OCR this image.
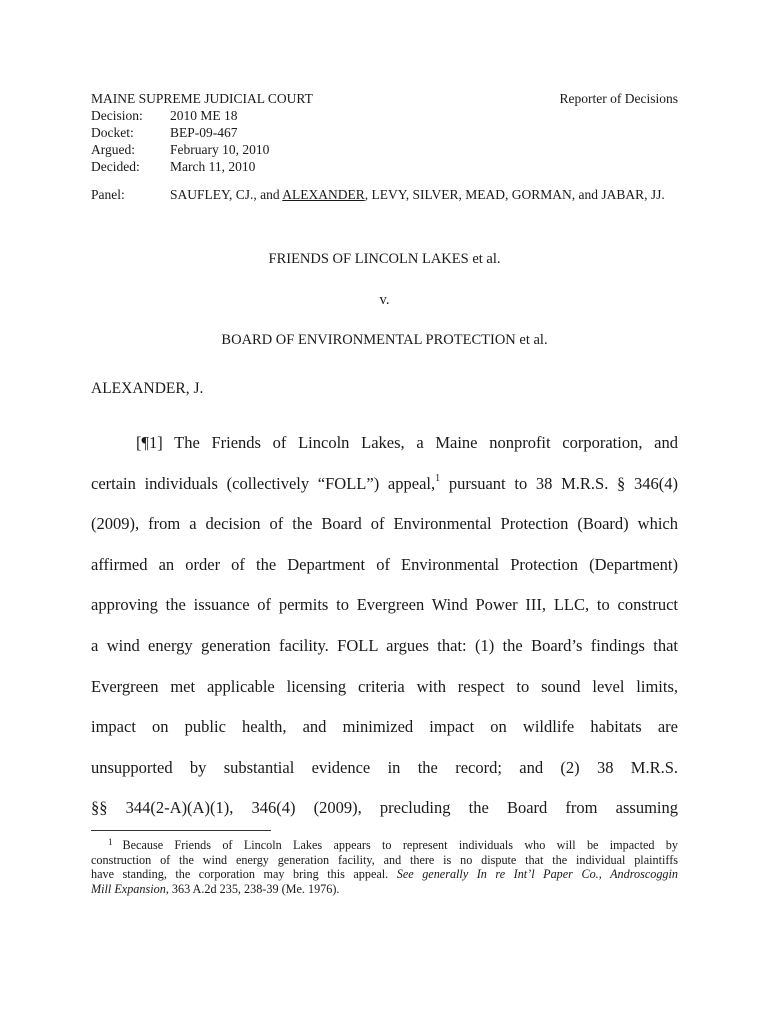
MAINE SUPREME JUDICIAL COURT	Reporter of Decisions
Decision:	2010 ME 18
Docket:	BEP-09-467
Argued:	February 10, 2010
Decided:	March 11, 2010
Panel:	SAUFLEY, CJ., and ALEXANDER, LEVY, SILVER, MEAD, GORMAN, and JABAR, JJ.
FRIENDS OF LINCOLN LAKES et al.
v.
BOARD OF ENVIRONMENTAL PROTECTION et al.
ALEXANDER, J.
[¶1] The Friends of Lincoln Lakes, a Maine nonprofit corporation, and
certain individuals (collectively “FOLL”) appeal,$^1$ pursuant to 38 M.R.S. § 346(4)
(2009), from a decision of the Board of Environmental Protection (Board) which
affirmed an order of the Department of Environmental Protection (Department)
approving the issuance of permits to Evergreen Wind Power III, LLC, to construct
a wind energy generation facility. FOLL argues that: (1) the Board’s findings that
Evergreen met applicable licensing criteria with respect to sound level limits,
impact on public health, and minimized impact on wildlife habitats are
unsupported by substantial evidence in the record; and (2) 38 M.R.S.
§§ 344(2-A)(A)(1), 346(4) (2009), precluding the Board from assuming
$^1$ Because Friends of Lincoln Lakes appears to represent individuals who will be impacted by
construction of the wind energy generation facility, and there is no dispute that the individual plaintiffs
have standing, the corporation may bring this appeal. See generally In re Int’l Paper Co., Androscoggin
Mill Expansion, 363 A.2d 235, 238-39 (Me. 1976).
